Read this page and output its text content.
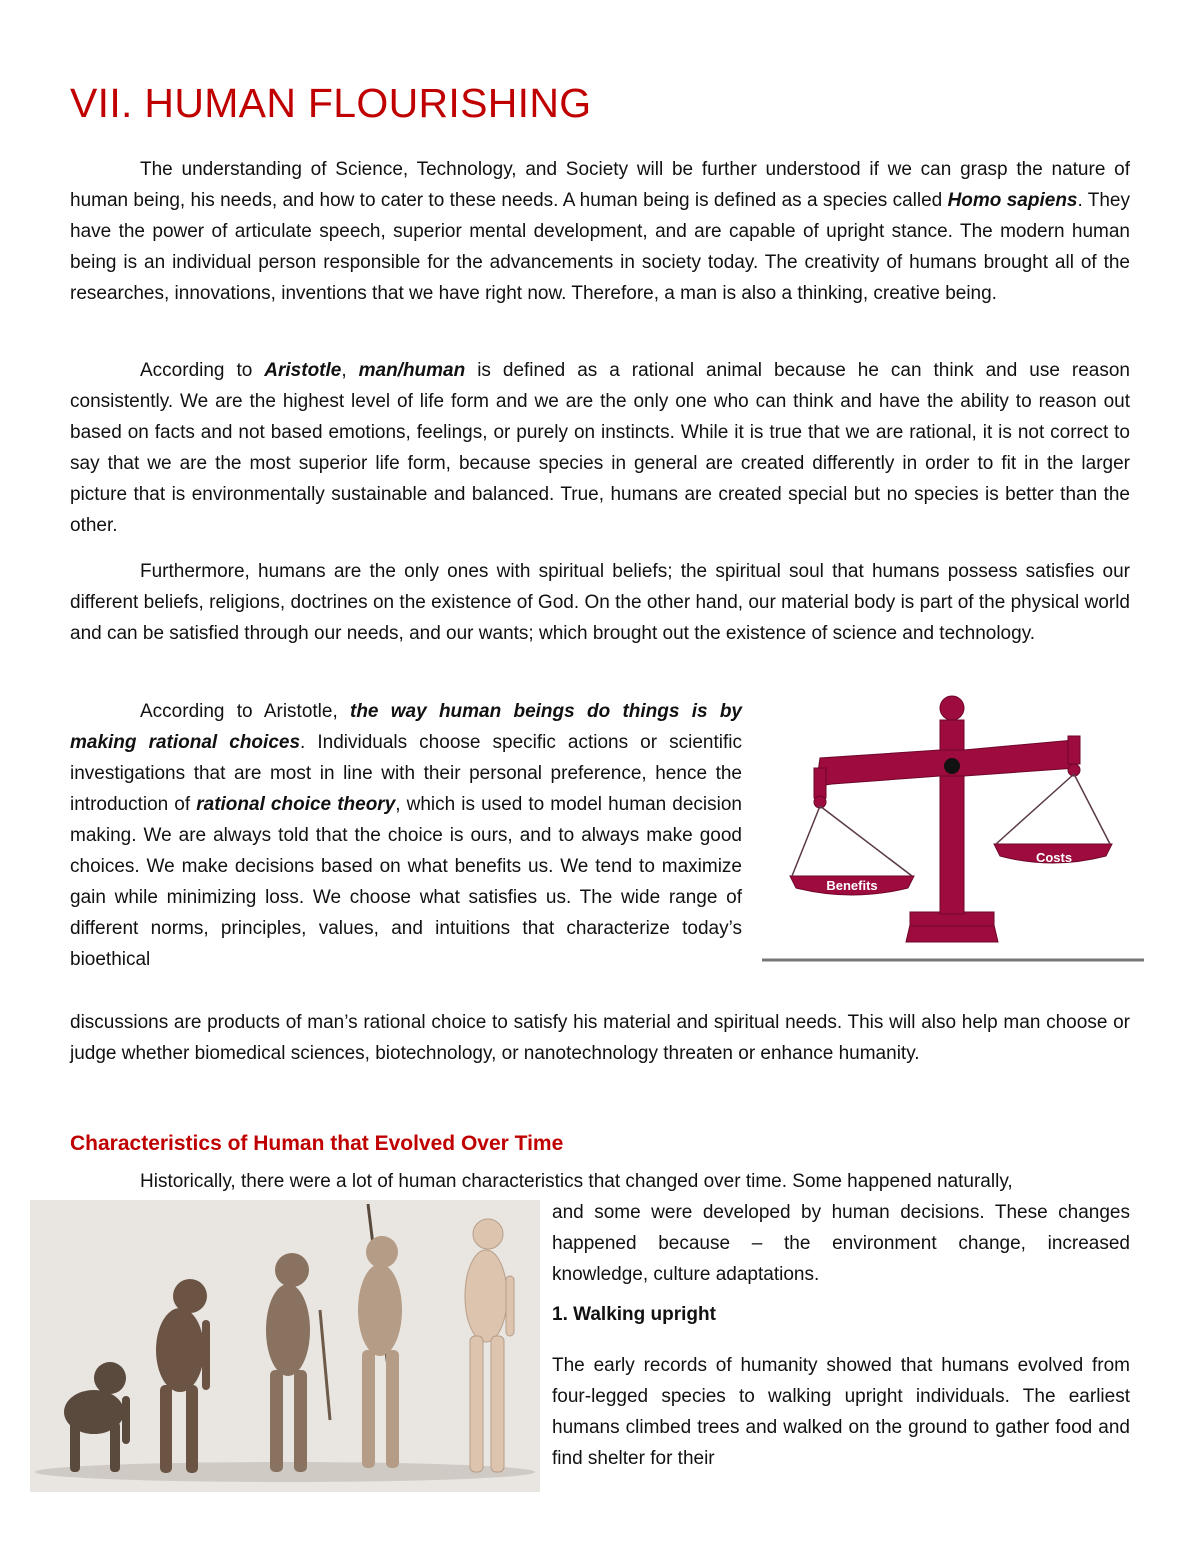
VII. HUMAN FLOURISHING

The understanding of Science, Technology, and Society will be further understood if we can grasp the nature of human being, his needs, and how to cater to these needs. A human being is defined as a species called Homo sapiens. They have the power of articulate speech, superior mental development, and are capable of upright stance. The modern human being is an individual person responsible for the advancements in society today. The creativity of humans brought all of the researches, innovations, inventions that we have right now. Therefore, a man is also a thinking, creative being.

According to Aristotle, man/human is defined as a rational animal because he can think and use reason consistently. We are the highest level of life form and we are the only one who can think and have the ability to reason out based on facts and not based emotions, feelings, or purely on instincts. While it is true that we are rational, it is not correct to say that we are the most superior life form, because species in general are created differently in order to fit in the larger picture that is environmentally sustainable and balanced. True, humans are created special but no species is better than the other.

Furthermore, humans are the only ones with spiritual beliefs; the spiritual soul that humans possess satisfies our different beliefs, religions, doctrines on the existence of God. On the other hand, our material body is part of the physical world and can be satisfied through our needs, and our wants; which brought out the existence of science and technology.

According to Aristotle, the way human beings do things is by making rational choices. Individuals choose specific actions or scientific investigations that are most in line with their personal preference, hence the introduction of rational choice theory, which is used to model human decision making. We are always told that the choice is ours, and to always make good choices. We make decisions based on what benefits us. We tend to maximize gain while minimizing loss. We choose what satisfies us. The wide range of different norms, principles, values, and intuitions that characterize today’s bioethical

discussions are products of man’s rational choice to satisfy his material and spiritual needs. This will also help man choose or judge whether biomedical sciences, biotechnology, or nanotechnology threaten or enhance humanity.

Benefits
Costs
Characteristics of Human that Evolved Over Time

Historically, there were a lot of human characteristics that changed over time. Some happened naturally,

and some were developed by human decisions. These changes happened because – the environment change, increased knowledge, culture adaptations.

1. Walking upright

The early records of humanity showed that humans evolved from four-legged species to walking upright individuals. The earliest humans climbed trees and walked on the ground to gather food and find shelter for their
